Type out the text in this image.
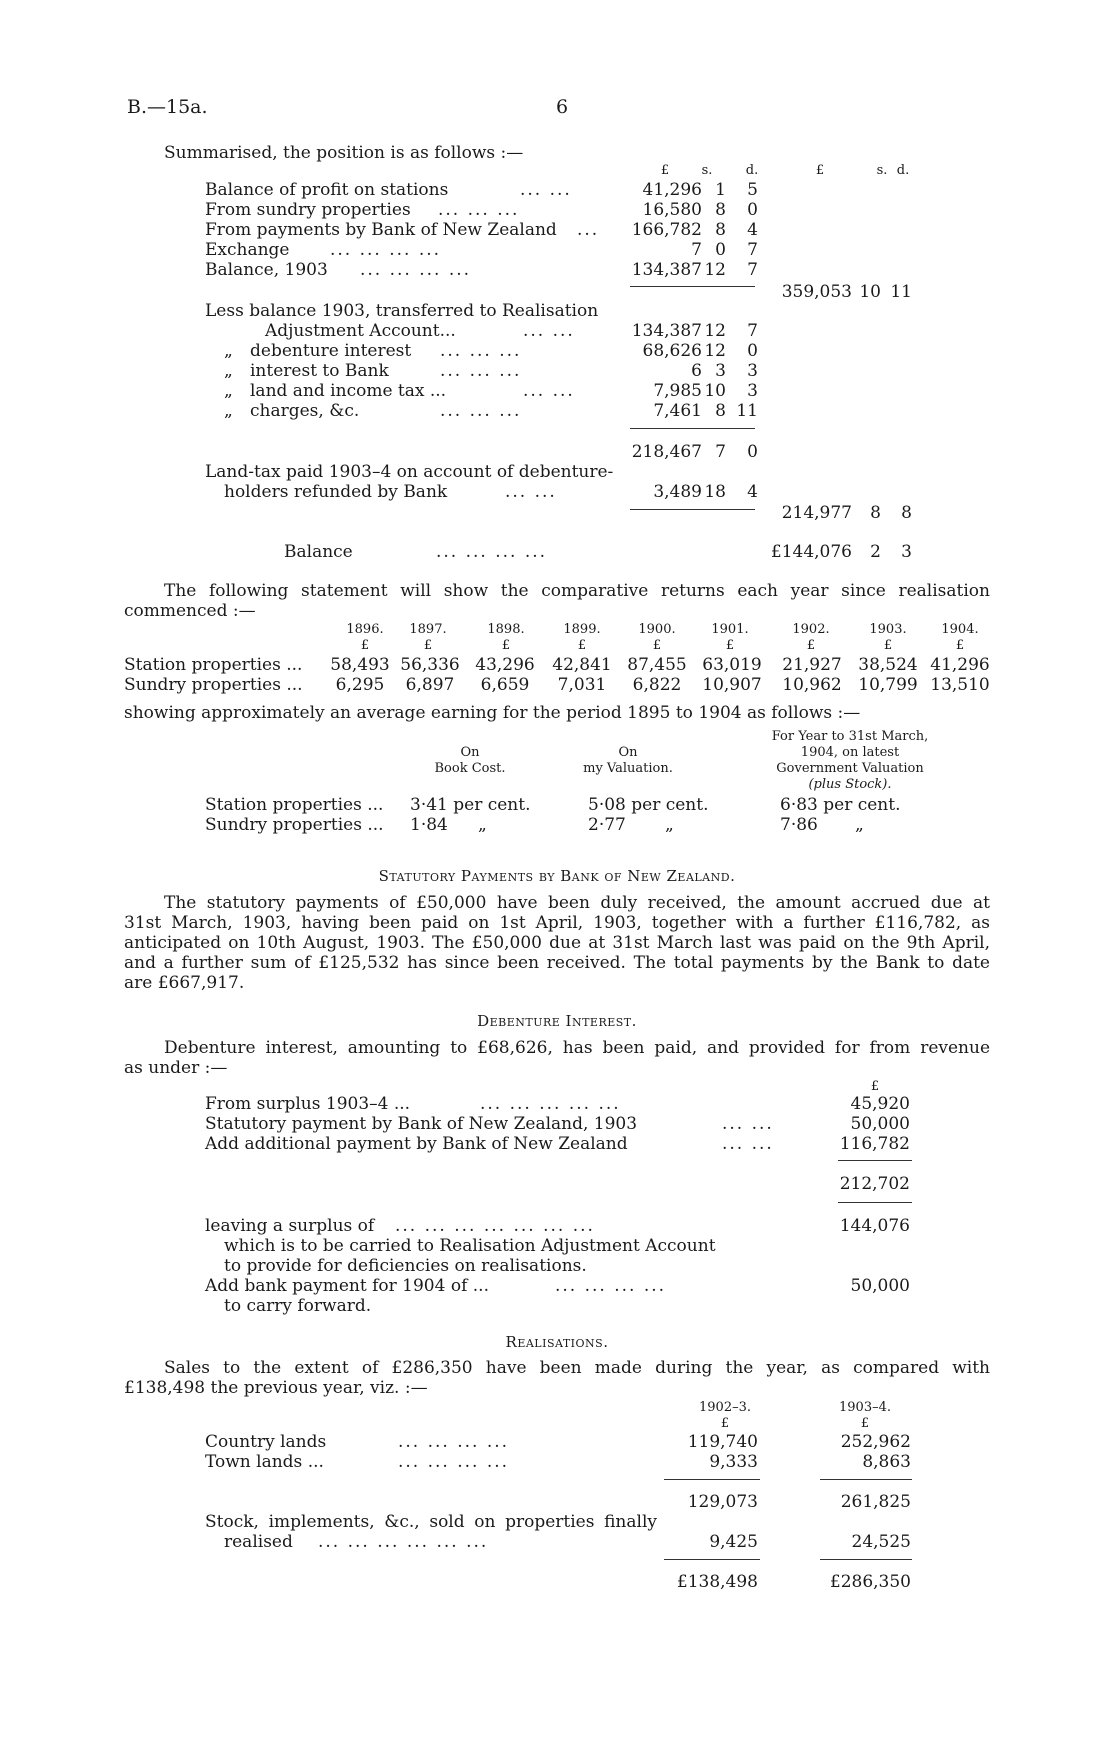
B.—15a.	6
Summarised, the position is as follows :—
£	s.	d.	£	s. d.
Balance of profit on stations	... ...	41,296 1	5
From sundry properties ... ... ...	16,580 8	0
From payments by Bank of New Zealand ...	166,782 8	4
Exchange ... ... ... ...	7 0	7
Balance, 1903 ... ... ... ...	134,387 12	7
359,053 10 11
Less balance 1903, transferred to Realisation
Adjustment Account...	... ...	134,387 12	7
„ debenture interest ... ... ...	68,626 12	0
„ interest to Bank	... ... ...	6 3	3
„ land and income tax ...	... ...	7,985 10	3
„ charges, &c.	... ... ...	7,461 8 11
218,467 7	0
Land-tax paid 1903–4 on account of debenture-
holders refunded by Bank	... ...	3,489 18	4
214,977	8	8
Balance	... ... ... ...	£144,076	2	3
The following statement will show the comparative returns each year since realisation
commenced :—
1896.	1897.	1898.	1899.	1900.	1901.	1902.	1903.	1904.
£	£	£	£	£	£	£	£	£
Station properties ...	58,493 56,336 43,296	42,841 87,455 63,019	21,927 38,524 41,296
Sundry properties ...	6,295	6,897	6,659	7,031	6,822	10,907	10,962 10,799 13,510
showing approximately an average earning for the period 1895 to 1904 as follows :—
On
Book Cost.
On
my Valuation.
For Year to 31st March,
1904, on latest
Government Valuation
(plus Stock).
Station properties ... 3·41 per cent.	5·08 per cent.	6·83 per cent.
Sundry properties ... 1·84 „	2·77 „	7·86 „
Statutory Payments by Bank of New Zealand.
The statutory payments of £50,000 have been duly received, the amount accrued due at
31st March, 1903, having been paid on 1st April, 1903, together with a further £116,782, as
anticipated on 10th August, 1903. The £50,000 due at 31st March last was paid on the 9th April,
and a further sum of £125,532 has since been received. The total payments by the Bank to date
are £667,917.
Debenture Interest.
Debenture interest, amounting to £68,626, has been paid, and provided for from revenue
as under :—
£
From surplus 1903–4 ...	... ... ... ... ...	45,920
Statutory payment by Bank of New Zealand, 1903	... ...	50,000
Add additional payment by Bank of New Zealand	... ...	116,782
212,702
leaving a surplus of ... ... ... ... ... ... ...	144,076
which is to be carried to Realisation Adjustment Account
to provide for deficiencies on realisations.
Add bank payment for 1904 of ...	... ... ... ...	50,000
to carry forward.
Realisations.
Sales to the extent of £286,350 have been made during the year, as compared with
£138,498 the previous year, viz. :—
1902–3.	1903–4.
£	£
Country lands	... ... ... ...	119,740	252,962
Town lands ...	... ... ... ...	9,333	8,863
129,073	261,825
Stock, implements, &c., sold on properties finally
realised ... ... ... ... ... ...	9,425	24,525
£138,498	£286,350
